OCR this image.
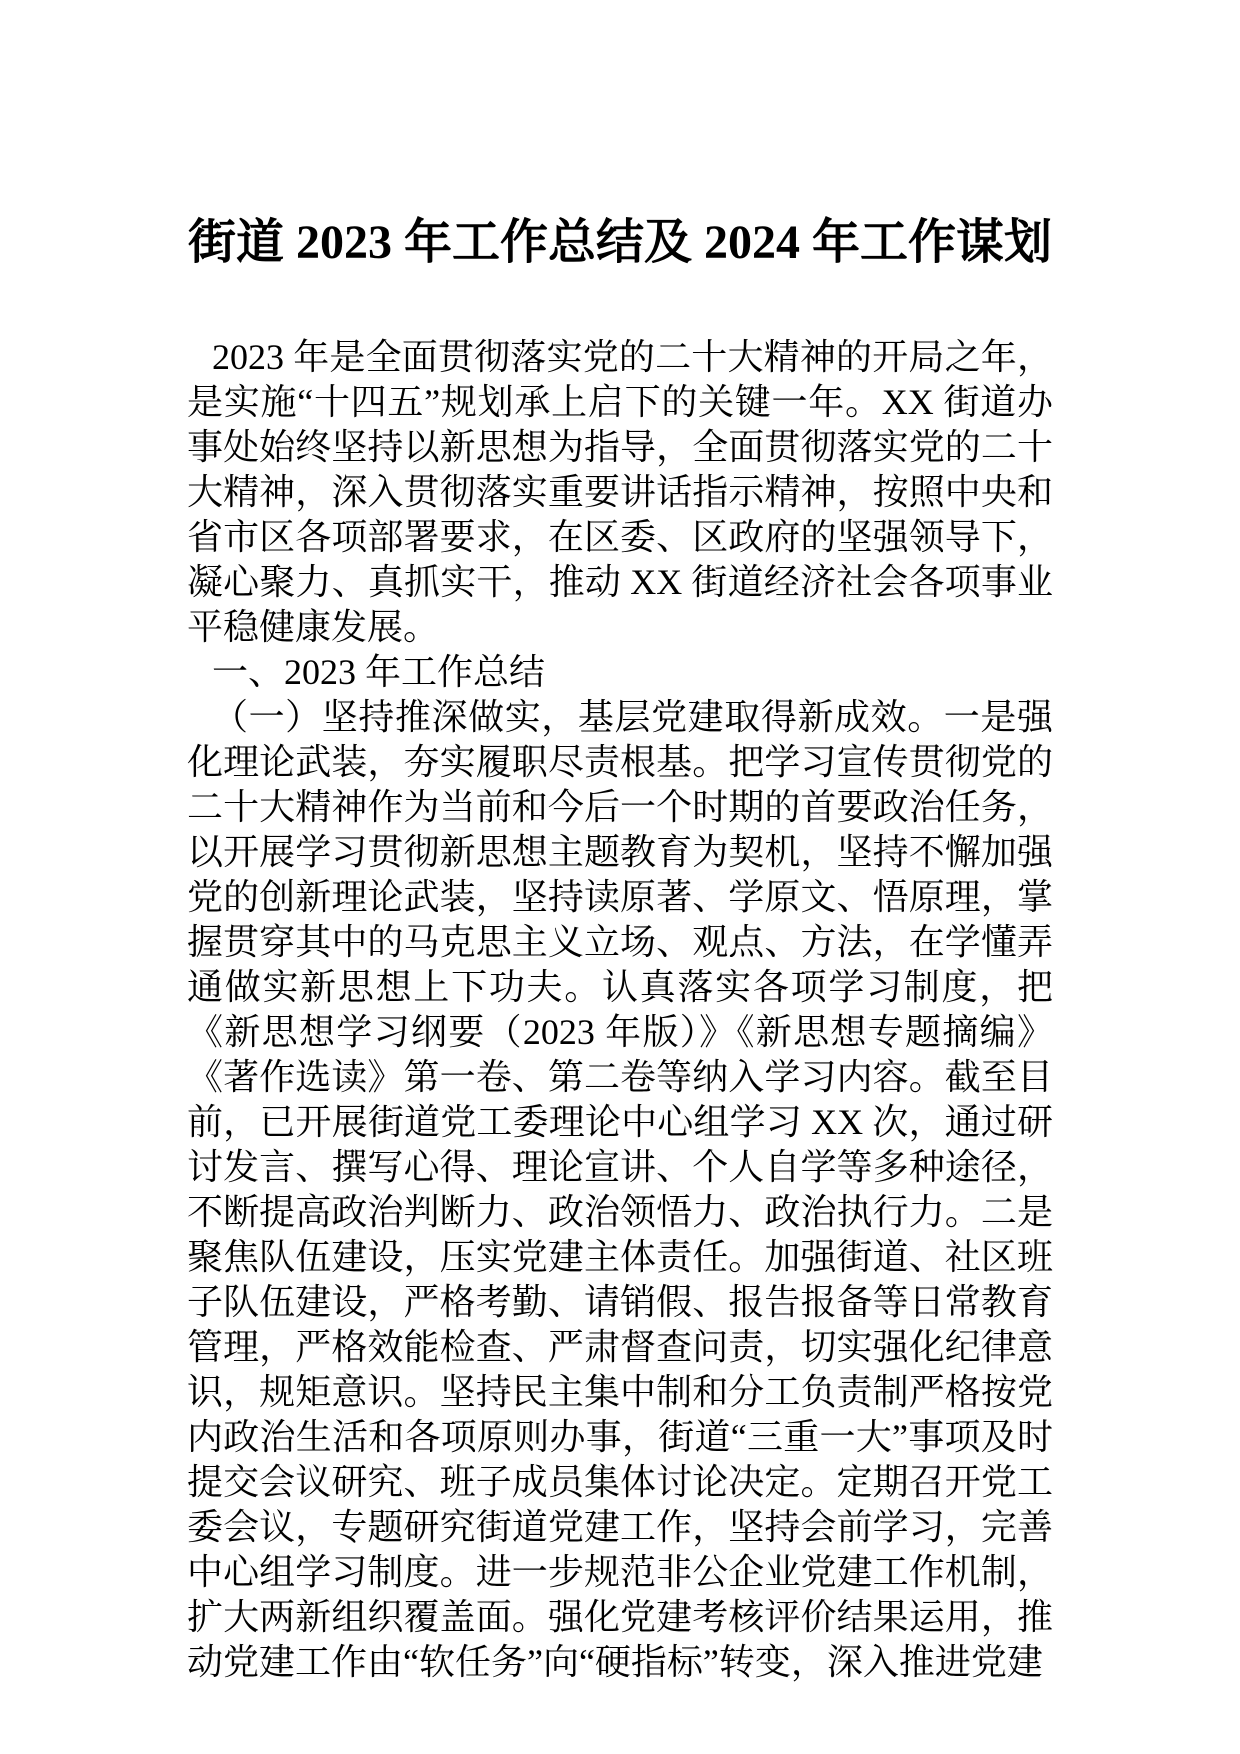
街道 2023 年工作总结及 2024 年工作谋划

2023 年是全面贯彻落实党的二十大精神的开局之年，是实施“十四五”规划承上启下的关键一年。XX 街道办事处始终坚持以新思想为指导，全面贯彻落实党的二十大精神，深入贯彻落实重要讲话指示精神，按照中央和省市区各项部署要求，在区委、区政府的坚强领导下，凝心聚力、真抓实干，推动 XX 街道经济社会各项事业平稳健康发展。

一、2023 年工作总结

（一）坚持推深做实，基层党建取得新成效。一是强化理论武装，夯实履职尽责根基。把学习宣传贯彻党的二十大精神作为当前和今后一个时期的首要政治任务，以开展学习贯彻新思想主题教育为契机，坚持不懈加强党的创新理论武装，坚持读原著、学原文、悟原理，掌握贯穿其中的马克思主义立场、观点、方法，在学懂弄通做实新思想上下功夫。认真落实各项学习制度，把《新思想学习纲要（2023 年版）》《新思想专题摘编》《著作选读》第一卷、第二卷等纳入学习内容。截至目前，已开展街道党工委理论中心组学习 XX 次，通过研讨发言、撰写心得、理论宣讲、个人自学等多种途径，不断提高政治判断力、政治领悟力、政治执行力。二是聚焦队伍建设，压实党建主体责任。加强街道、社区班子队伍建设，严格考勤、请销假、报告报备等日常教育管理，严格效能检查、严肃督查问责，切实强化纪律意识，规矩意识。坚持民主集中制和分工负责制严格按党内政治生活和各项原则办事，街道“三重一大”事项及时提交会议研究、班子成员集体讨论决定。定期召开党工委会议，专题研究街道党建工作，坚持会前学习，完善中心组学习制度。进一步规范非公企业党建工作机制，扩大两新组织覆盖面。强化党建考核评价结果运用，推动党建工作由“软任务”向“硬指标”转变，深入推进党建
